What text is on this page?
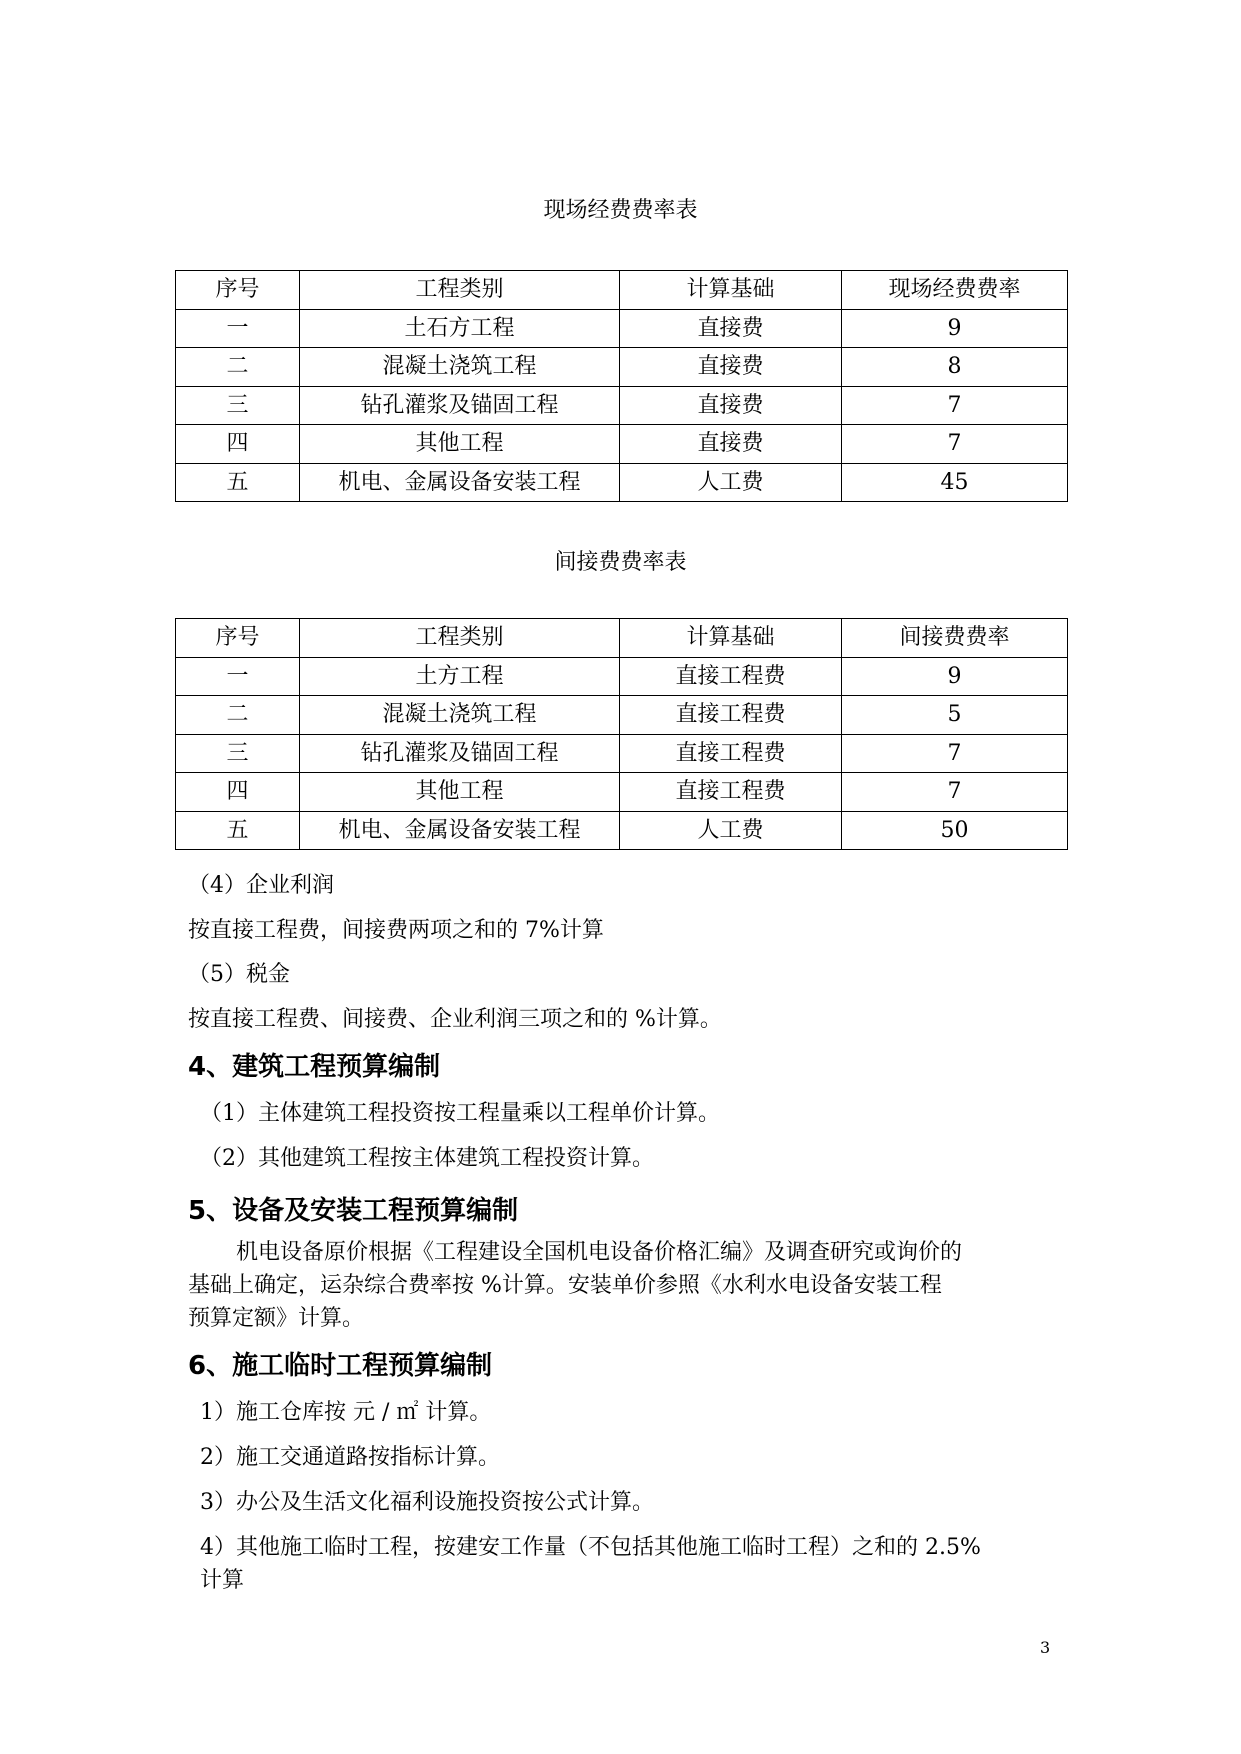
现场经费费率表
序号	工程类别	计算基础	现场经费费率
一	土石方工程	直接费	9
二	混凝土浇筑工程	直接费	8
三	钻孔灌浆及锚固工程	直接费	7
四	其他工程	直接费	7
五	机电、金属设备安装工程	人工费	45
间接费费率表
序号	工程类别	计算基础	间接费费率
一	土方工程	直接工程费	9
二	混凝土浇筑工程	直接工程费	5
三	钻孔灌浆及锚固工程	直接工程费	7
四	其他工程	直接工程费	7
五	机电、金属设备安装工程	人工费	50
（4）企业利润
按直接工程费，间接费两项之和的 7%计算
（5）税金
按直接工程费、间接费、企业利润三项之和的 %计算。
4、建筑工程预算编制
（1）主体建筑工程投资按工程量乘以工程单价计算。
（2）其他建筑工程按主体建筑工程投资计算。
5、设备及安装工程预算编制
机电设备原价根据《工程建设全国机电设备价格汇编》及调查研究或询价的
基础上确定，运杂综合费率按 %计算。安装单价参照《水利水电设备安装工程
预算定额》计算。
6、施工临时工程预算编制
1）施工仓库按 元 / ㎡ 计算。
2）施工交通道路按指标计算。
3）办公及生活文化福利设施投资按公式计算。
4）其他施工临时工程，按建安工作量（不包括其他施工临时工程）之和的 2.5%
计算
3
